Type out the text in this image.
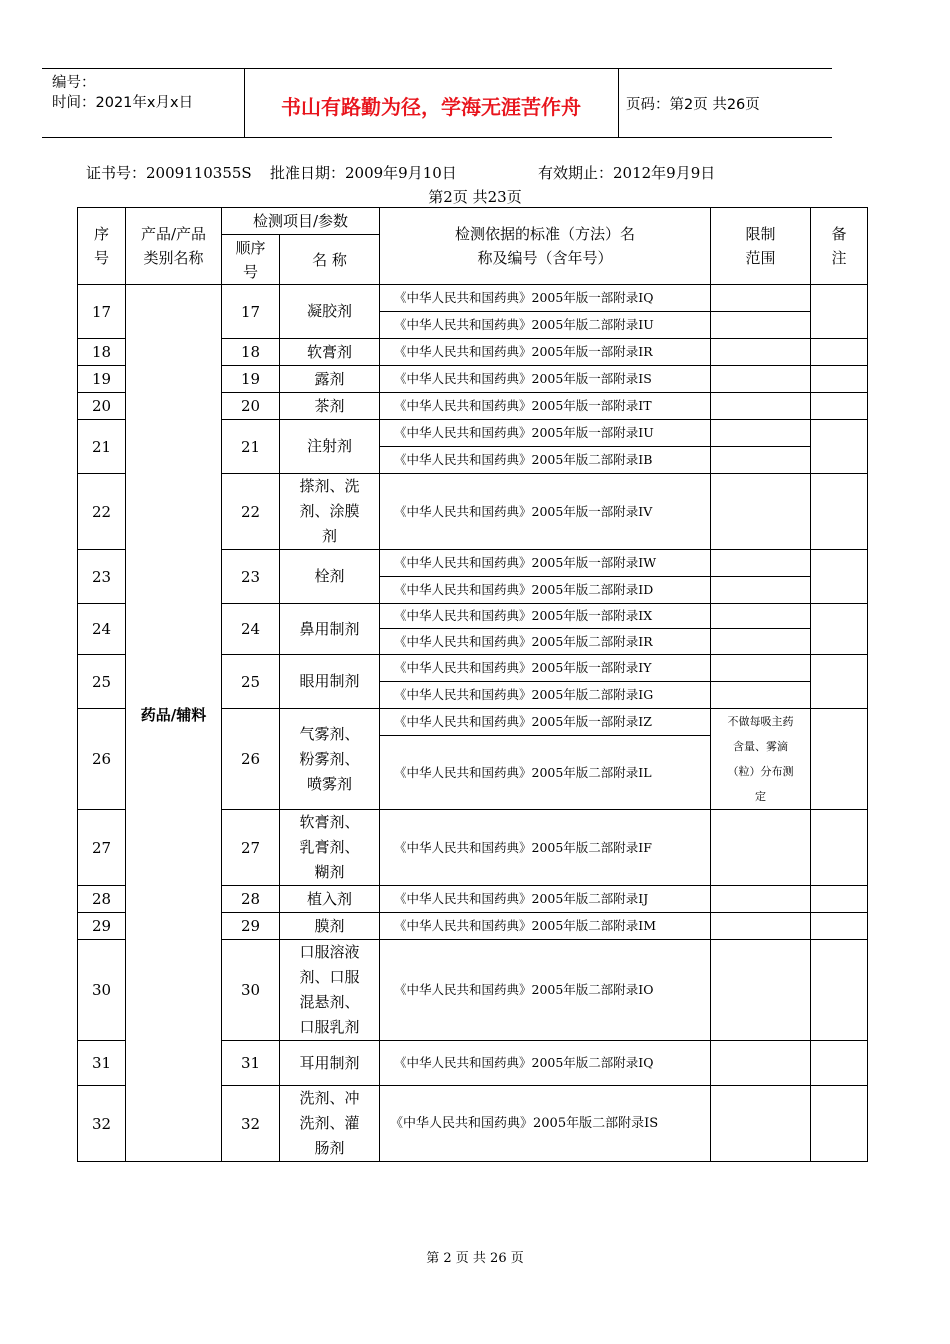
编号：
时间：2021年x月x日	书山有路勤为径，学海无涯苦作舟	页码：第2页 共26页
证书号：2009110355S 批准日期：2009年9月10日	有效期止：2012年9月9日
第2页 共23页
序号	产品/产品类别名称	检测项目/参数		检测依据的标准（方法）名称及编号（含年号）	限制范围	备注

		顺序号	名 称			
17	药品/辅料	17	凝胶剂	《中华人民共和国药典》2005年版一部附录ⅠQ		
				《中华人民共和国药典》2005年版二部附录ⅠU		
18		18	软膏剂	《中华人民共和国药典》2005年版一部附录ⅠR		
19		19	露剂	《中华人民共和国药典》2005年版一部附录ⅠS		
20		20	茶剂	《中华人民共和国药典》2005年版一部附录ⅠT		
21		21	注射剂	《中华人民共和国药典》2005年版一部附录ⅠU		
				《中华人民共和国药典》2005年版二部附录ⅠB		
22		22	搽剂、洗剂、涂膜剂	《中华人民共和国药典》2005年版一部附录ⅠV		
23		23	栓剂	《中华人民共和国药典》2005年版一部附录ⅠW		
				《中华人民共和国药典》2005年版二部附录ⅠD		
24		24	鼻用制剂	《中华人民共和国药典》2005年版一部附录ⅠX		
				《中华人民共和国药典》2005年版二部附录ⅠR		
25		25	眼用制剂	《中华人民共和国药典》2005年版一部附录ⅠY		
				《中华人民共和国药典》2005年版二部附录ⅠG		
26		26	气雾剂、粉雾剂、喷雾剂	《中华人民共和国药典》2005年版一部附录ⅠZ	不做每吸主药含量、雾滴（粒）分布测定	

				《中华人民共和国药典》2005年版二部附录ⅠL		
27		27	软膏剂、乳膏剂、糊剂	《中华人民共和国药典》2005年版二部附录ⅠF		
28		28	植入剂	《中华人民共和国药典》2005年版二部附录ⅠJ		
29		29	膜剂	《中华人民共和国药典》2005年版二部附录ⅠM		
30		30	口服溶液剂、口服混悬剂、口服乳剂	《中华人民共和国药典》2005年版二部附录ⅠO		
31		31	耳用制剂	《中华人民共和国药典》2005年版二部附录ⅠQ		
32		32	洗剂、冲洗剂、灌肠剂	《中华人民共和国药典》2005年版二部附录ⅠS		
第 2 页 共 26 页
